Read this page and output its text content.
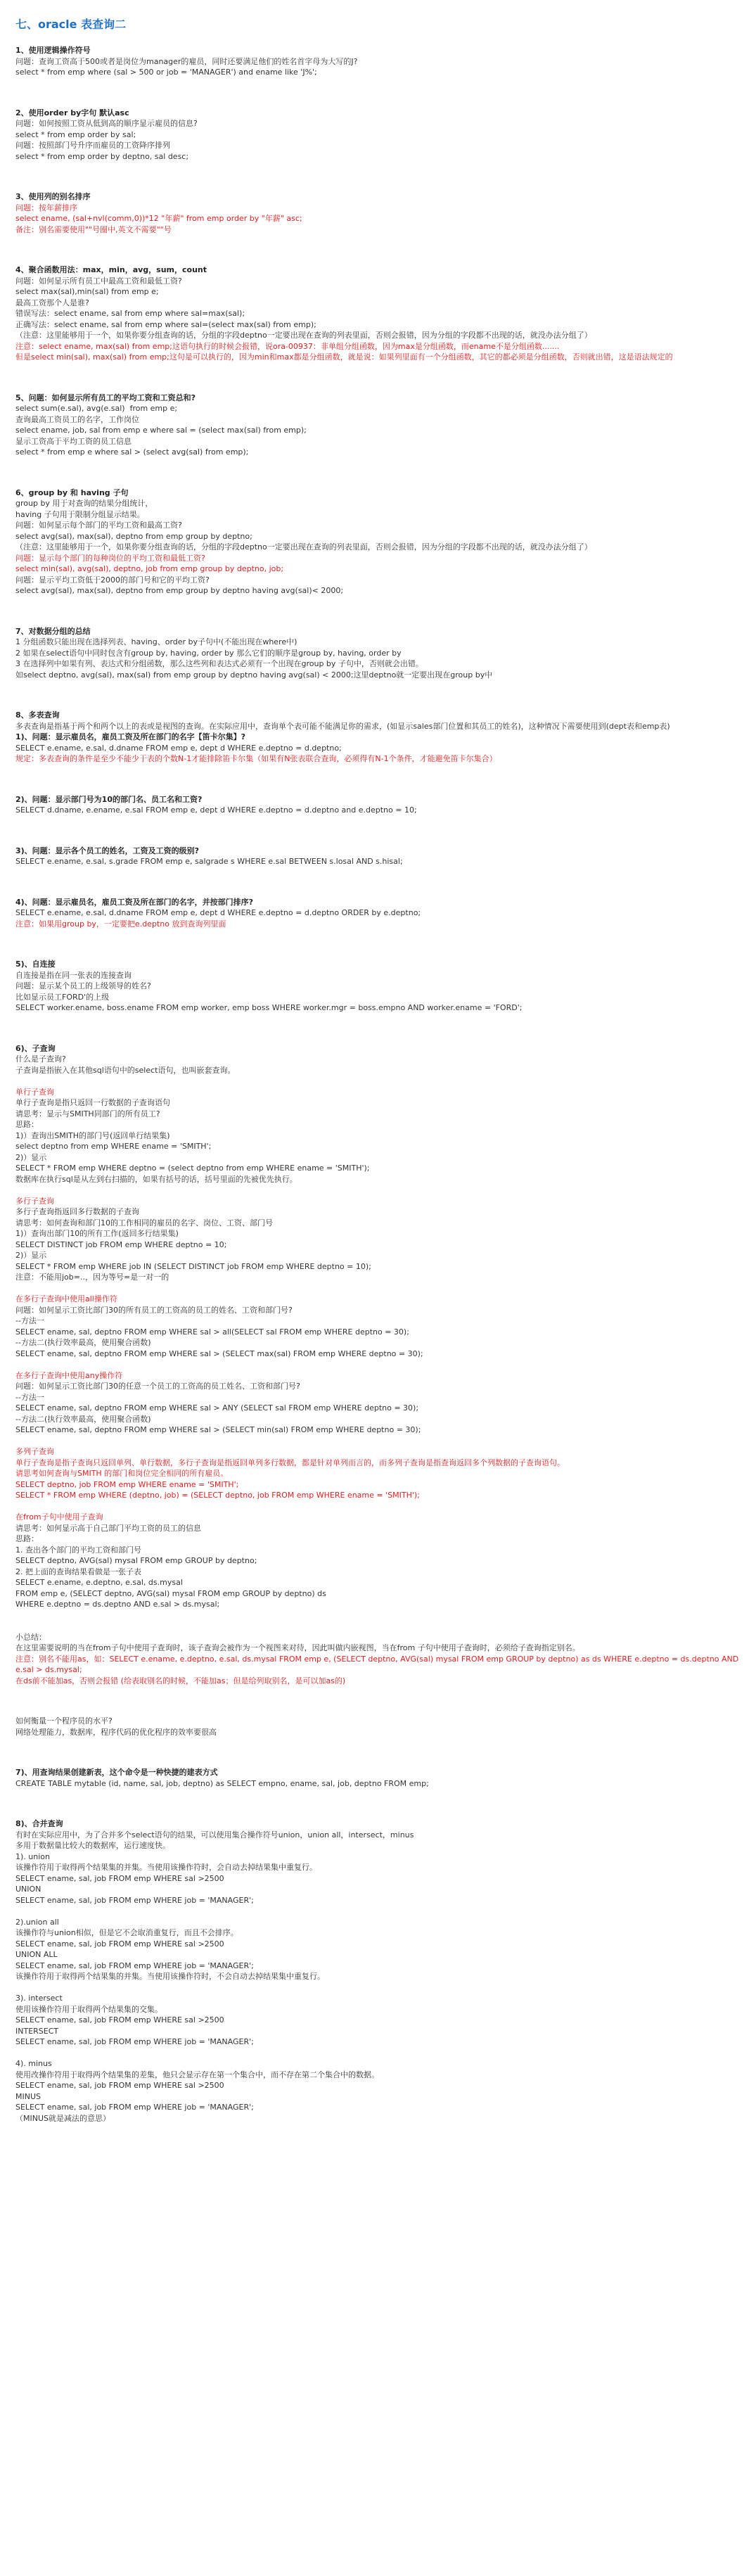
七、oracle 表查询二

1、使用逻辑操作符号

问题：查询工资高于500或者是岗位为manager的雇员，同时还要满足他们的姓名首字母为大写的J?

select * from emp where (sal > 500 or job = 'MANAGER') and ename like 'J%';

2、使用order by字句 默认asc

问题：如何按照工资从低到高的顺序显示雇员的信息?

select * from emp order by sal;

问题：按照部门号升序而雇员的工资降序排列

select * from emp order by deptno, sal desc;

3、使用列的别名排序

问题：按年薪排序

select ename, (sal+nvl(comm,0))*12 "年薪" from emp order by "年薪" asc;

备注：别名需要使用""号圈中,英文不需要""号

4、聚合函数用法：max，min，avg，sum，count

问题：如何显示所有员工中最高工资和最低工资?

select max(sal),min(sal) from emp e;

最高工资那个人是谁?

错误写法：select ename, sal from emp where sal=max(sal);

正确写法：select ename, sal from emp where sal=(select max(sal) from emp);

（注意：这里能够用于一个，如果你要分组查询的话，分组的字段deptno一定要出现在查询的列表里面，否则会报错，因为分组的字段都不出现的话，就没办法分组了）

注意：select ename, max(sal) from emp;这语句执行的时候会报错，说ora-00937：非单组分组函数，因为max是分组函数，而ename不是分组函数.......

但是select min(sal), max(sal) from emp;这句是可以执行的，因为min和max都是分组函数，就是说：如果列里面有一个分组函数，其它的都必须是分组函数，否则就出错，这是语法规定的

5、问题：如何显示所有员工的平均工资和工资总和?

select sum(e.sal), avg(e.sal)  from emp e;

查询最高工资员工的名字，工作岗位

select ename, job, sal from emp e where sal = (select max(sal) from emp);

显示工资高于平均工资的员工信息

select * from emp e where sal > (select avg(sal) from emp);

6、group by 和 having 子句

group by 用于对查询的结果分组统计，

having 子句用于限制分组显示结果。

问题：如何显示每个部门的平均工资和最高工资?

select avg(sal), max(sal), deptno from emp group by deptno;

（注意：这里能够用于一个，如果你要分组查询的话，分组的字段deptno一定要出现在查询的列表里面，否则会报错，因为分组的字段都不出现的话，就没办法分组了）

问题：显示每个部门的每种岗位的平均工资和最低工资?

select min(sal), avg(sal), deptno, job from emp group by deptno, job;

问题：显示平均工资低于2000的部门号和它的平均工资?

select avg(sal), max(sal), deptno from emp group by deptno having avg(sal)< 2000;

7、对数据分组的总结

1 分组函数只能出现在选择列表、having、order by子句中(不能出现在where中)

2 如果在select语句中同时包含有group by, having, order by 那么它们的顺序是group by, having, order by

3 在选择列中如果有列、表达式和分组函数，那么这些列和表达式必须有一个出现在group by 子句中，否则就会出错。

如select deptno, avg(sal), max(sal) from emp group by deptno having avg(sal) < 2000;这里deptno就一定要出现在group by中

8、多表查询

多表查询是指基于两个和两个以上的表或是视图的查询。在实际应用中，查询单个表可能不能满足你的需求，(如显示sales部门位置和其员工的姓名)，这种情况下需要使用到(dept表和emp表)

1)、问题：显示雇员名，雇员工资及所在部门的名字【笛卡尔集】?

SELECT e.ename, e.sal, d.dname FROM emp e, dept d WHERE e.deptno = d.deptno;

规定：多表查询的条件是至少不能少于表的个数N-1才能排除笛卡尔集（如果有N张表联合查询，必须得有N-1个条件，才能避免笛卡尔集合）

2)、问题：显示部门号为10的部门名、员工名和工资?

SELECT d.dname, e.ename, e.sal FROM emp e, dept d WHERE e.deptno = d.deptno and e.deptno = 10;

3)、问题：显示各个员工的姓名，工资及工资的级别?

SELECT e.ename, e.sal, s.grade FROM emp e, salgrade s WHERE e.sal BETWEEN s.losal AND s.hisal;

4)、问题：显示雇员名，雇员工资及所在部门的名字，并按部门排序?

SELECT e.ename, e.sal, d.dname FROM emp e, dept d WHERE e.deptno = d.deptno ORDER by e.deptno;

注意：如果用group by，一定要把e.deptno 放到查询列里面

5)、自连接

自连接是指在同一张表的连接查询

问题：显示某个员工的上级领导的姓名?

比如显示员工FORD'的上级

SELECT worker.ename, boss.ename FROM emp worker, emp boss WHERE worker.mgr = boss.empno AND worker.ename = 'FORD';

6)、子查询

什么是子查询?

子查询是指嵌入在其他sql语句中的select语句，也叫嵌套查询。

单行子查询

单行子查询是指只返回一行数据的子查询语句

请思考：显示与SMITH同部门的所有员工?

思路：

1)）查询出SMITH的部门号(返回单行结果集)

select deptno from emp WHERE ename = 'SMITH';

2)）显示

SELECT * FROM emp WHERE deptno = (select deptno from emp WHERE ename = 'SMITH');

数据库在执行sql是从左到右扫描的，如果有括号的话，括号里面的先被优先执行。

多行子查询

多行子查询指返回多行数据的子查询

请思考：如何查询和部门10的工作相同的雇员的名字、岗位、工资、部门号

1)）查询出部门10的所有工作(返回多行结果集)

SELECT DISTINCT job FROM emp WHERE deptno = 10;

2)）显示

SELECT * FROM emp WHERE job IN (SELECT DISTINCT job FROM emp WHERE deptno = 10);

注意：不能用job=..，因为等号=是一对一的

在多行子查询中使用all操作符

问题：如何显示工资比部门30的所有员工的工资高的员工的姓名、工资和部门号?

--方法一

SELECT ename, sal, deptno FROM emp WHERE sal > all(SELECT sal FROM emp WHERE deptno = 30);

--方法二(执行效率最高，使用聚合函数)

SELECT ename, sal, deptno FROM emp WHERE sal > (SELECT max(sal) FROM emp WHERE deptno = 30);

在多行子查询中使用any操作符

问题：如何显示工资比部门30的任意一个员工的工资高的员工姓名、工资和部门号?

--方法一

SELECT ename, sal, deptno FROM emp WHERE sal > ANY (SELECT sal FROM emp WHERE deptno = 30);

--方法二(执行效率最高，使用聚合函数)

SELECT ename, sal, deptno FROM emp WHERE sal > (SELECT min(sal) FROM emp WHERE deptno = 30);

多列子查询

单行子查询是指子查询只返回单列、单行数据，多行子查询是指返回单列多行数据，都是针对单列而言的，而多列子查询是指查询返回多个列数据的子查询语句。

请思考如何查询与SMITH 的部门和岗位完全相同的所有雇员。

SELECT deptno, job FROM emp WHERE ename = 'SMITH';

SELECT * FROM emp WHERE (deptno, job) = (SELECT deptno, job FROM emp WHERE ename = 'SMITH');

在from子句中使用子查询

请思考：如何显示高于自己部门平均工资的员工的信息

思路：

1. 查出各个部门的平均工资和部门号

SELECT deptno, AVG(sal) mysal FROM emp GROUP by deptno;

2. 把上面的查询结果看做是一张子表

SELECT e.ename, e.deptno, e.sal, ds.mysal

FROM emp e, (SELECT deptno, AVG(sal) mysal FROM emp GROUP by deptno) ds

WHERE e.deptno = ds.deptno AND e.sal > ds.mysal;

小总结：

在这里需要说明的当在from子句中使用子查询时，该子查询会被作为一个视图来对待，因此叫做内嵌视图，当在from 子句中使用子查询时，必须给子查询指定别名。

注意：别名不能用as，如：SELECT e.ename, e.deptno, e.sal, ds.mysal FROM emp e, (SELECT deptno, AVG(sal) mysal FROM emp GROUP by deptno) as ds WHERE e.deptno = ds.deptno AND e.sal > ds.mysal;

在ds前不能加as，否则会报错 (给表取别名的时候，不能加as；但是给列取别名，是可以加as的)

如何衡量一个程序员的水平?

网络处理能力，数据库，程序代码的优化程序的效率要很高

7)、用查询结果创建新表，这个命令是一种快捷的建表方式

CREATE TABLE mytable (id, name, sal, job, deptno) as SELECT empno, ename, sal, job, deptno FROM emp;

8)、合并查询

有时在实际应用中，为了合并多个select语句的结果，可以使用集合操作符号union，union all，intersect，minus

多用于数据量比较大的数据库，运行速度快。

1). union

该操作符用于取得两个结果集的并集。当使用该操作符时，会自动去掉结果集中重复行。

SELECT ename, sal, job FROM emp WHERE sal >2500

UNION

SELECT ename, sal, job FROM emp WHERE job = 'MANAGER';

2).union all

该操作符与union相似，但是它不会取消重复行，而且不会排序。

SELECT ename, sal, job FROM emp WHERE sal >2500

UNION ALL

SELECT ename, sal, job FROM emp WHERE job = 'MANAGER';

该操作符用于取得两个结果集的并集。当使用该操作符时，不会自动去掉结果集中重复行。

3). intersect

使用该操作符用于取得两个结果集的交集。

SELECT ename, sal, job FROM emp WHERE sal >2500

INTERSECT

SELECT ename, sal, job FROM emp WHERE job = 'MANAGER';

4). minus

使用改操作符用于取得两个结果集的差集，他只会显示存在第一个集合中，而不存在第二个集合中的数据。

SELECT ename, sal, job FROM emp WHERE sal >2500

MINUS

SELECT ename, sal, job FROM emp WHERE job = 'MANAGER';

（MINUS就是减法的意思）
